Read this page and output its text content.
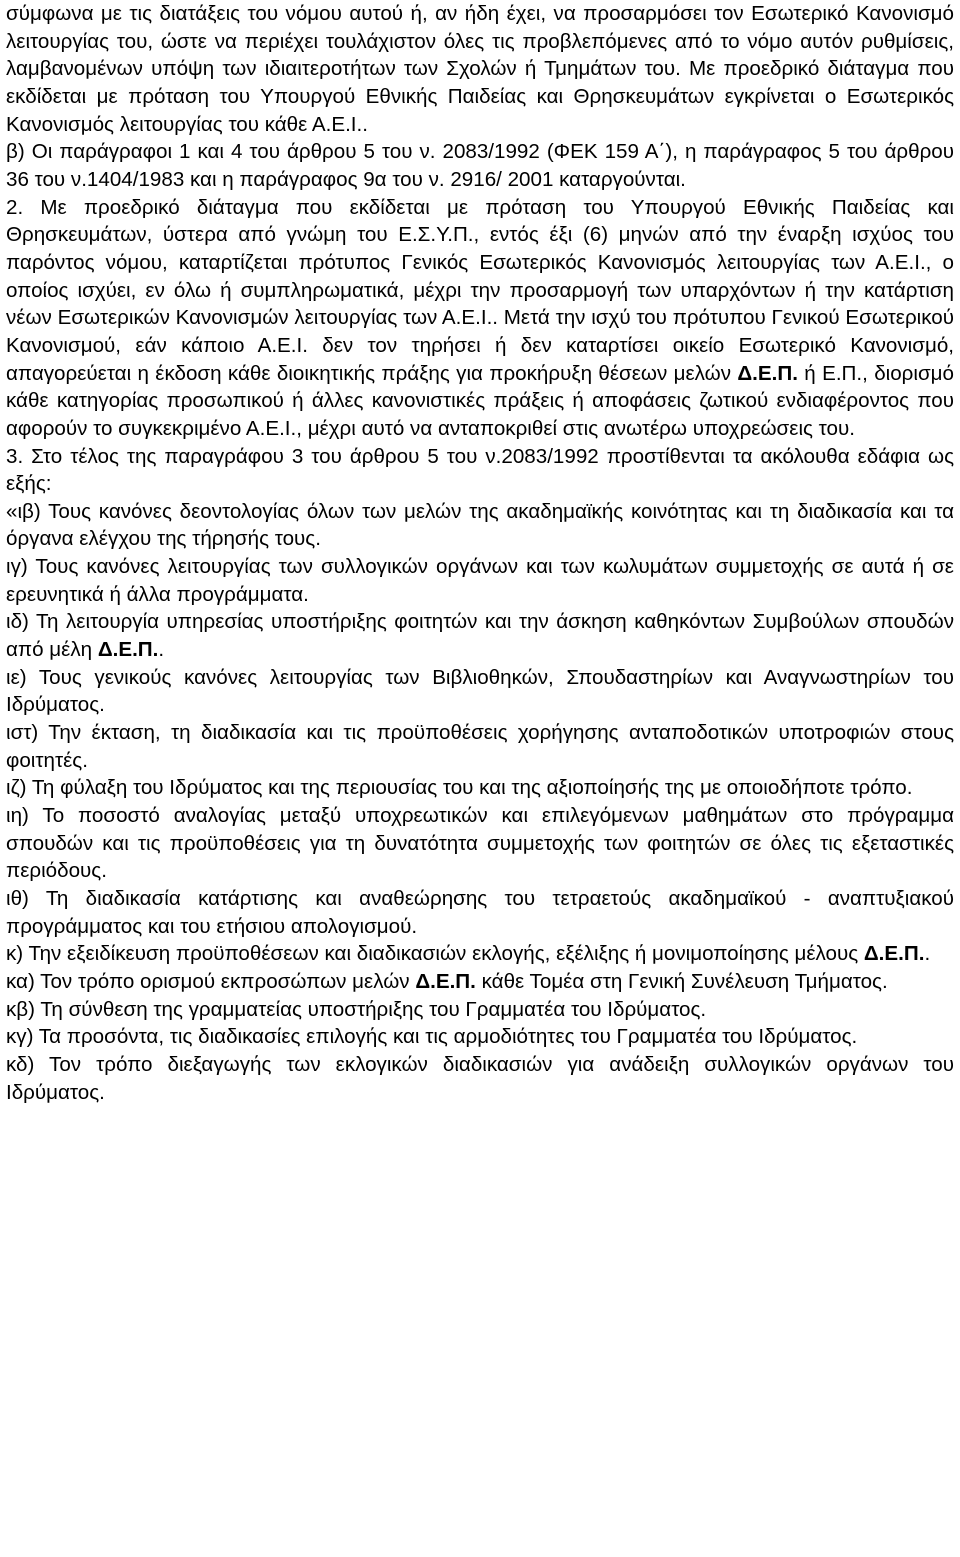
σύμφωνα με τις διατάξεις του νόμου αυτού ή, αν ήδη έχει, να προσαρμόσει τον Εσωτερικό Κανονισμό λειτουργίας του, ώστε να περιέχει τουλάχιστον όλες τις προβλεπόμενες από το νόμο αυτόν ρυθμίσεις, λαμβανομένων υπόψη των ιδιαιτεροτήτων των Σχολών ή Τμημάτων του. Με προεδρικό διάταγμα που εκδίδεται με πρόταση του Υπουργού Εθνικής Παιδείας και Θρησκευμάτων εγκρίνεται ο Εσωτερικός Κανονισμός λειτουργίας του κάθε Α.Ε.Ι..

β) Οι παράγραφοι 1 και 4 του άρθρου 5 του ν. 2083/1992 (ΦΕΚ 159 Α΄), η παράγραφος 5 του άρθρου 36 του ν.1404/1983 και η παράγραφος 9α του ν. 2916/ 2001 καταργούνται.

2. Με προεδρικό διάταγμα που εκδίδεται με πρόταση του Υπουργού Εθνικής Παιδείας και Θρησκευμάτων, ύστερα από γνώμη του Ε.Σ.Υ.Π., εντός έξι (6) μηνών από την έναρξη ισχύος του παρόντος νόμου, καταρτίζεται πρότυπος Γενικός Εσωτερικός Κανονισμός λειτουργίας των Α.Ε.Ι., ο οποίος ισχύει, εν όλω ή συμπληρωματικά, μέχρι την προσαρμογή των υπαρχόντων ή την κατάρτιση νέων Εσωτερικών Κανονισμών λειτουργίας των Α.Ε.Ι.. Μετά την ισχύ του πρότυπου Γενικού Εσωτερικού Κανονισμού, εάν κάποιο Α.Ε.Ι. δεν τον τηρήσει ή δεν καταρτίσει οικείο Εσωτερικό Κανονισμό, απαγορεύεται η έκδοση κάθε διοικητικής πράξης για προκήρυξη θέσεων μελών Δ.Ε.Π. ή Ε.Π., διορισμό κάθε κατηγορίας προσωπικού ή άλλες κανονιστικές πράξεις ή αποφάσεις ζωτικού ενδιαφέροντος που αφορούν το συγκεκριμένο Α.Ε.Ι., μέχρι αυτό να ανταποκριθεί στις ανωτέρω υποχρεώσεις του.

3. Στο τέλος της παραγράφου 3 του άρθρου 5 του ν.2083/1992 προστίθενται τα ακόλουθα εδάφια ως εξής:

«ιβ) Τους κανόνες δεοντολογίας όλων των μελών της ακαδημαϊκής κοινότητας και τη διαδικασία και τα όργανα ελέγχου της τήρησής τους.

ιγ) Τους κανόνες λειτουργίας των συλλογικών οργάνων και των κωλυμάτων συμμετοχής σε αυτά ή σε ερευνητικά ή άλλα προγράμματα.

ιδ) Τη λειτουργία υπηρεσίας υποστήριξης φοιτητών και την άσκηση καθηκόντων Συμβούλων σπουδών από μέλη Δ.Ε.Π..

ιε) Τους γενικούς κανόνες λειτουργίας των Βιβλιοθηκών, Σπουδαστηρίων και Αναγνωστηρίων του Ιδρύματος.

ιστ) Την έκταση, τη διαδικασία και τις προϋποθέσεις χορήγησης ανταποδοτικών υποτροφιών στους φοιτητές.

ιζ) Τη φύλαξη του Ιδρύματος και της περιουσίας του και της αξιοποίησής της με οποιοδήποτε τρόπο.

ιη) Το ποσοστό αναλογίας μεταξύ υποχρεωτικών και επιλεγόμενων μαθημάτων στο πρόγραμμα σπουδών και τις προϋποθέσεις για τη δυνατότητα συμμετοχής των φοιτητών σε όλες τις εξεταστικές περιόδους.

ιθ) Τη διαδικασία κατάρτισης και αναθεώρησης του τετραετούς ακαδημαϊκού - αναπτυξιακού προγράμματος και του ετήσιου απολογισμού.

κ) Την εξειδίκευση προϋποθέσεων και διαδικασιών εκλογής, εξέλιξης ή μονιμοποίησης μέλους Δ.Ε.Π..

κα) Τον τρόπο ορισμού εκπροσώπων μελών Δ.Ε.Π. κάθε Τομέα στη Γενική Συνέλευση Τμήματος.

κβ) Τη σύνθεση της γραμματείας υποστήριξης του Γραμματέα του Ιδρύματος.

κγ) Τα προσόντα, τις διαδικασίες επιλογής και τις αρμοδιότητες του Γραμματέα του Ιδρύματος.

κδ) Τον τρόπο διεξαγωγής των εκλογικών διαδικασιών για ανάδειξη συλλογικών οργάνων του Ιδρύματος.
